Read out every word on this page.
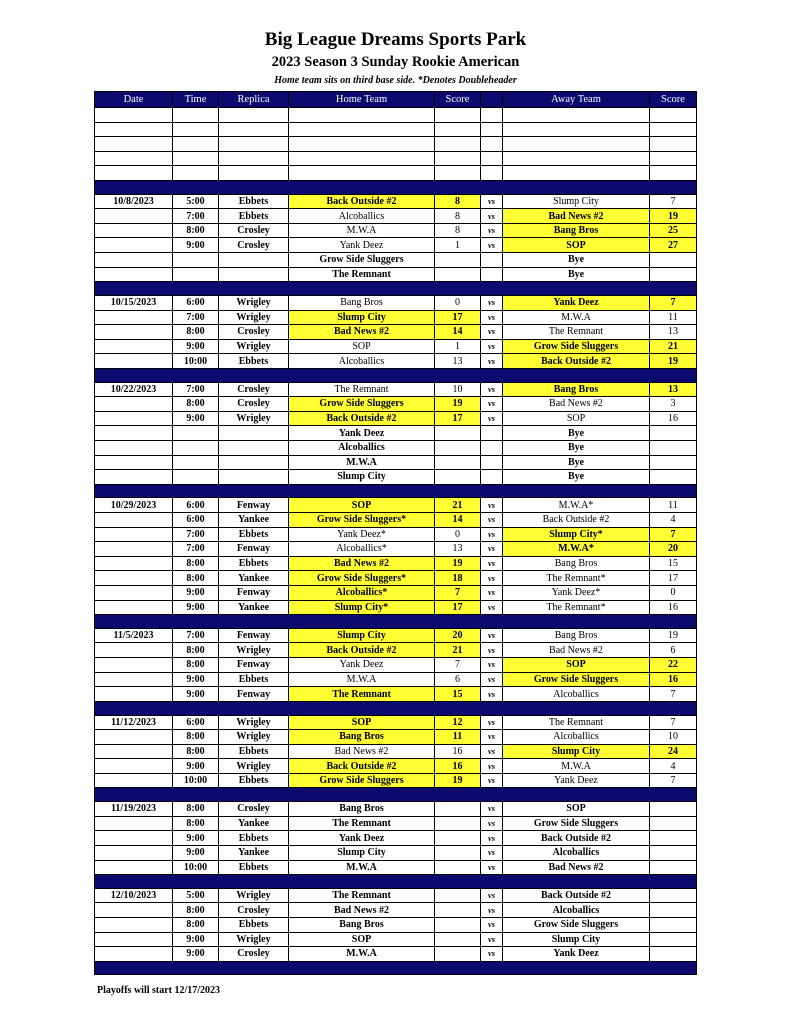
Big League Dreams Sports Park
2023 Season 3 Sunday Rookie American
Home team sits on third base side. *Denotes Doubleheader
Date	Time	Replica	Home Team	Score		Away Team	Score

10/8/2023	5:00	Ebbets	Back Outside #2	8	vs	Slump City	7
	7:00	Ebbets	Alcoballics	8	vs	Bad News #2	19
	8:00	Crosley	M.W.A	8	vs	Bang Bros	25
	9:00	Crosley	Yank Deez	1	vs	SOP	27
			Grow Side Sluggers			Bye	
			The Remnant			Bye	

10/15/2023	6:00	Wrigley	Bang Bros	0	vs	Yank Deez	7
	7:00	Wrigley	Slump City	17	vs	M.W.A	11
	8:00	Crosley	Bad News #2	14	vs	The Remnant	13
	9:00	Wrigley	SOP	1	vs	Grow Side Sluggers	21
	10:00	Ebbets	Alcoballics	13	vs	Back Outside #2	19

10/22/2023	7:00	Crosley	The Remnant	10	vs	Bang Bros	13
	8:00	Crosley	Grow Side Sluggers	19	vs	Bad News #2	3
	9:00	Wrigley	Back Outside #2	17	vs	SOP	16
			Yank Deez			Bye	
			Alcoballics			Bye	
			M.W.A			Bye	
			Slump City			Bye	

10/29/2023	6:00	Fenway	SOP	21	vs	M.W.A*	11
	6:00	Yankee	Grow Side Sluggers*	14	vs	Back Outside #2	4
	7:00	Ebbets	Yank Deez*	0	vs	Slump City*	7
	7:00	Fenway	Alcoballics*	13	vs	M.W.A*	20
	8:00	Ebbets	Bad News #2	19	vs	Bang Bros	15
	8:00	Yankee	Grow Side Sluggers*	18	vs	The Remnant*	17
	9:00	Fenway	Alcoballics*	7	vs	Yank Deez*	0
	9:00	Yankee	Slump City*	17	vs	The Remnant*	16

11/5/2023	7:00	Fenway	Slump City	20	vs	Bang Bros	19
	8:00	Wrigley	Back Outside #2	21	vs	Bad News #2	6
	8:00	Fenway	Yank Deez	7	vs	SOP	22
	9:00	Ebbets	M.W.A	6	vs	Grow Side Sluggers	16
	9:00	Fenway	The Remnant	15	vs	Alcoballics	7

11/12/2023	6:00	Wrigley	SOP	12	vs	The Remnant	7
	8:00	Wrigley	Bang Bros	11	vs	Alcoballics	10
	8:00	Ebbets	Bad News #2	16	vs	Slump City	24
	9:00	Wrigley	Back Outside #2	16	vs	M.W.A	4
	10:00	Ebbets	Grow Side Sluggers	19	vs	Yank Deez	7

11/19/2023	8:00	Crosley	Bang Bros		vs	SOP	
	8:00	Yankee	The Remnant		vs	Grow Side Sluggers	
	9:00	Ebbets	Yank Deez		vs	Back Outside #2	
	9:00	Yankee	Slump City		vs	Alcoballics	
	10:00	Ebbets	M.W.A		vs	Bad News #2	

12/10/2023	5:00	Wrigley	The Remnant		vs	Back Outside #2	
	8:00	Crosley	Bad News #2		vs	Alcoballics	
	8:00	Ebbets	Bang Bros		vs	Grow Side Sluggers	
	9:00	Wrigley	SOP		vs	Slump City	
	9:00	Crosley	M.W.A		vs	Yank Deez	

Playoffs will start 12/17/2023
